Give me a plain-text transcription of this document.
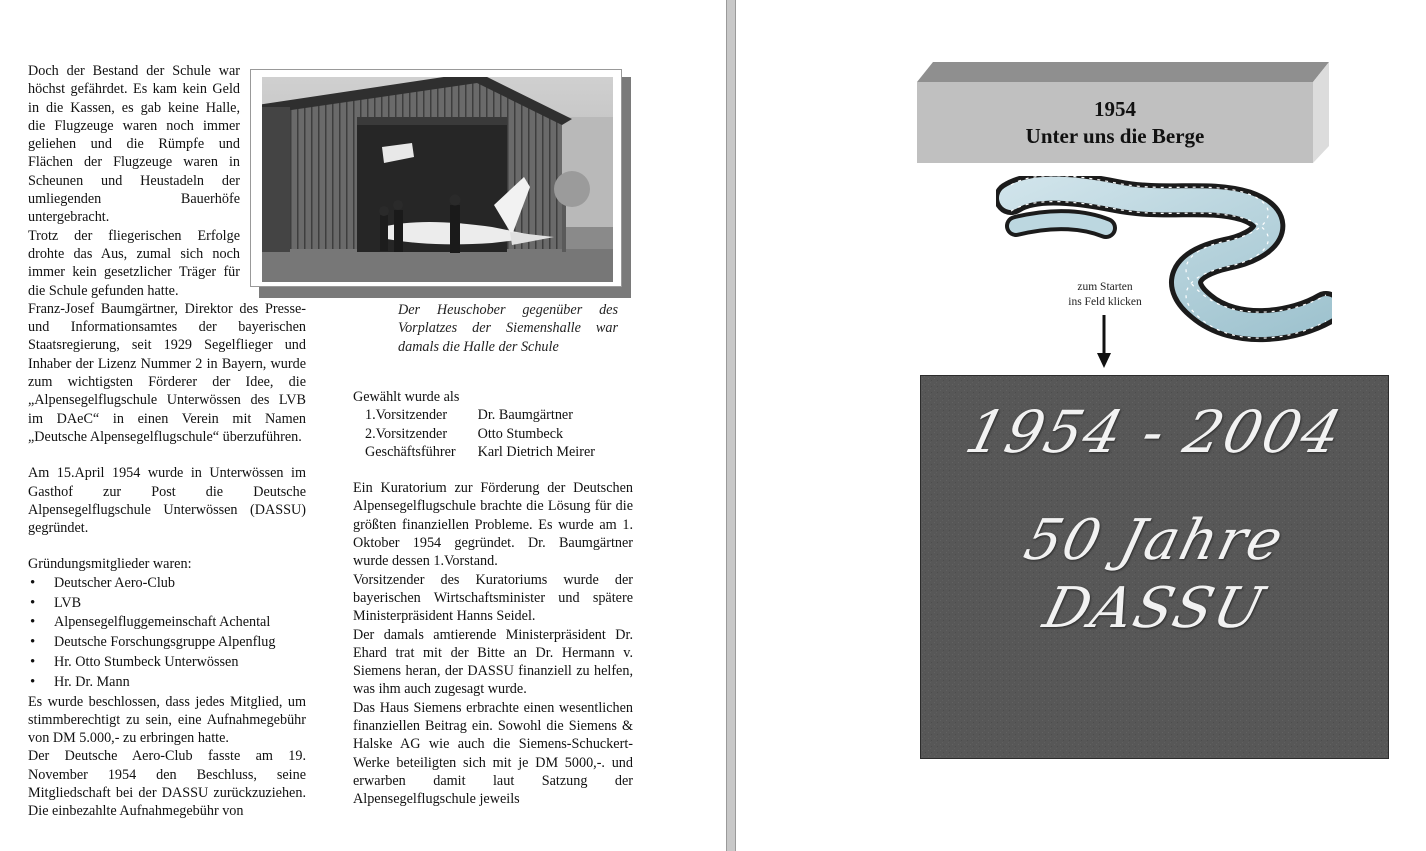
Doch der Bestand der Schule war höchst gefährdet. Es kam kein Geld in die Kassen, es gab keine Halle, die Flugzeuge waren noch immer geliehen und die Rümpfe und Flächen der Flugzeuge waren in Scheunen und Heustadeln der umliegenden Bauerhöfe untergebracht.

Trotz der fliegerischen Erfolge drohte das Aus, zumal sich noch immer kein gesetzlicher Träger für die Schule gefunden hatte.

Franz-Josef Baumgärtner, Direktor des Presse- und Informationsamtes der bayerischen Staatsregierung, seit 1929 Segelflieger und Inhaber der Lizenz Nummer 2 in Bayern, wurde zum wichtigsten Förderer der Idee, die „Alpensegelflugschule Unterwössen des LVB im DAeC“ in einen Verein mit Namen „Deutsche Alpensegelflugschule“ überzuführen.

Am 15.April 1954 wurde in Unterwössen im Gasthof zur Post die Deutsche Alpensegelflugschule Unterwössen (DASSU) gegründet.

Gründungsmitglieder waren:

• Deutscher Aero-Club
• LVB
• Alpensegelfluggemeinschaft Achental
• Deutsche Forschungsgruppe Alpenflug
• Hr. Otto Stumbeck Unterwössen
• Hr. Dr. Mann

Es wurde beschlossen, dass jedes Mitglied, um stimmberechtigt zu sein, eine Aufnahmegebühr von DM 5.000,- zu erbringen hatte.

Der Deutsche Aero-Club fasste am 19. November 1954 den Beschluss, seine Mitgliedschaft bei der DASSU zurückzuziehen. Die einbezahlte Aufnahmegebühr von

Der Heuschober gegenüber des Vorplatzes der Siemenshalle war damals die Halle der Schule

Gewählt wurde als

1.Vorsitzender	Dr. Baumgärtner
2.Vorsitzender	Otto Stumbeck
Geschäftsführer	Karl Dietrich Meirer

Ein Kuratorium zur Förderung der Deutschen Alpensegelflugschule brachte die Lösung für die größten finanziellen Probleme. Es wurde am 1. Oktober 1954 gegründet. Dr. Baumgärtner wurde dessen 1.Vorstand.

Vorsitzender des Kuratoriums wurde der bayerischen Wirtschaftsminister und spätere Ministerpräsident Hanns Seidel.

Der damals amtierende Ministerpräsident Dr. Ehard trat mit der Bitte an Dr. Hermann v. Siemens heran, der DASSU finanziell zu helfen, was ihm auch zugesagt wurde.

Das Haus Siemens erbrachte einen wesentlichen finanziellen Beitrag ein. Sowohl die Siemens & Halske AG wie auch die Siemens-Schuckert-Werke beteiligten sich mit je DM 5000,-. und erwarben damit laut Satzung der Alpensegelflugschule jeweils

1954
Unter uns die Berge
zum Starten
ins Feld klicken
1954 - 2004
50 Jahre
DASSU
